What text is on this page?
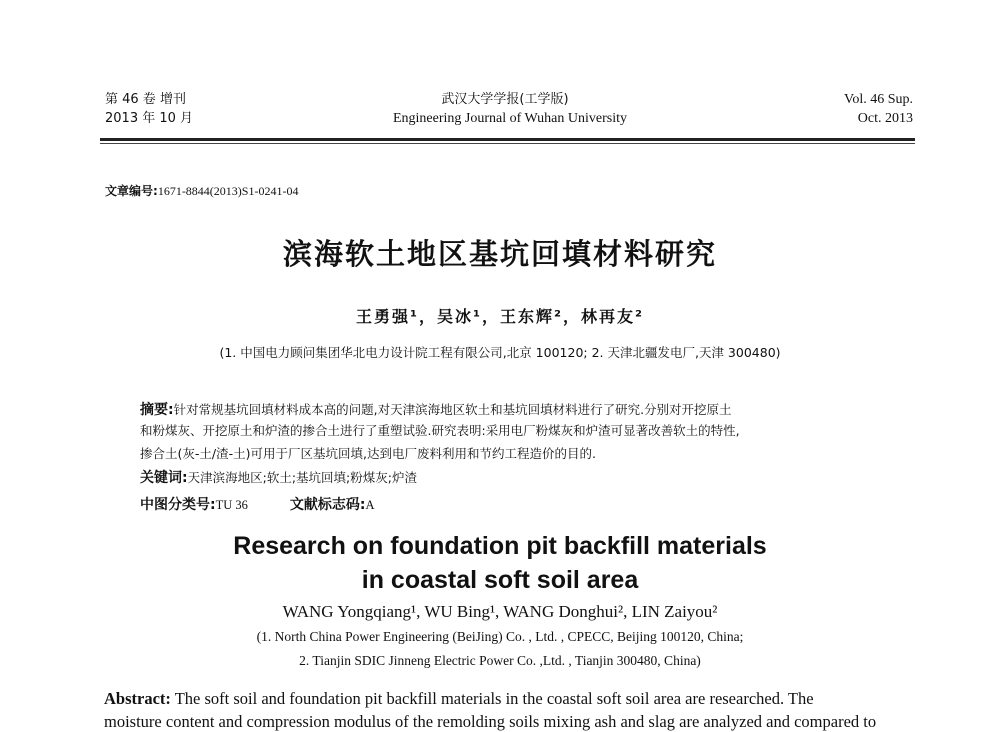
第 46 卷 增刊
2013 年 10 月
武汉大学学报(工学版)
Engineering Journal of Wuhan University
Vol. 46 Sup.
Oct. 2013
文章编号:1671-8844(2013)S1-0241-04
滨海软土地区基坑回填材料研究
王勇强¹，吴冰¹，王东辉²，林再友²
(1. 中国电力顾问集团华北电力设计院工程有限公司,北京 100120; 2. 天津北疆发电厂,天津 300480)
摘要:针对常规基坑回填材料成本高的问题,对天津滨海地区软土和基坑回填材料进行了研究.分别对开挖原土
和粉煤灰、开挖原土和炉渣的掺合土进行了重塑试验.研究表明:采用电厂粉煤灰和炉渣可显著改善软土的特性,
掺合土(灰-土/渣-土)可用于厂区基坑回填,达到电厂废料利用和节约工程造价的目的.
关键词:天津滨海地区;软土;基坑回填;粉煤灰;炉渣
中图分类号:TU 36	文献标志码:A
Research on foundation pit backfill materials
in coastal soft soil area
WANG Yongqiang¹, WU Bing¹, WANG Donghui², LIN Zaiyou²
(1. North China Power Engineering (BeiJing) Co. , Ltd. , CPECC, Beijing 100120, China;
2. Tianjin SDIC Jinneng Electric Power Co. ,Ltd. , Tianjin 300480, China)
Abstract: The soft soil and foundation pit backfill materials in the coastal soft soil area are researched. The
moisture content and compression modulus of the remolding soils mixing ash and slag are analyzed and compared to
